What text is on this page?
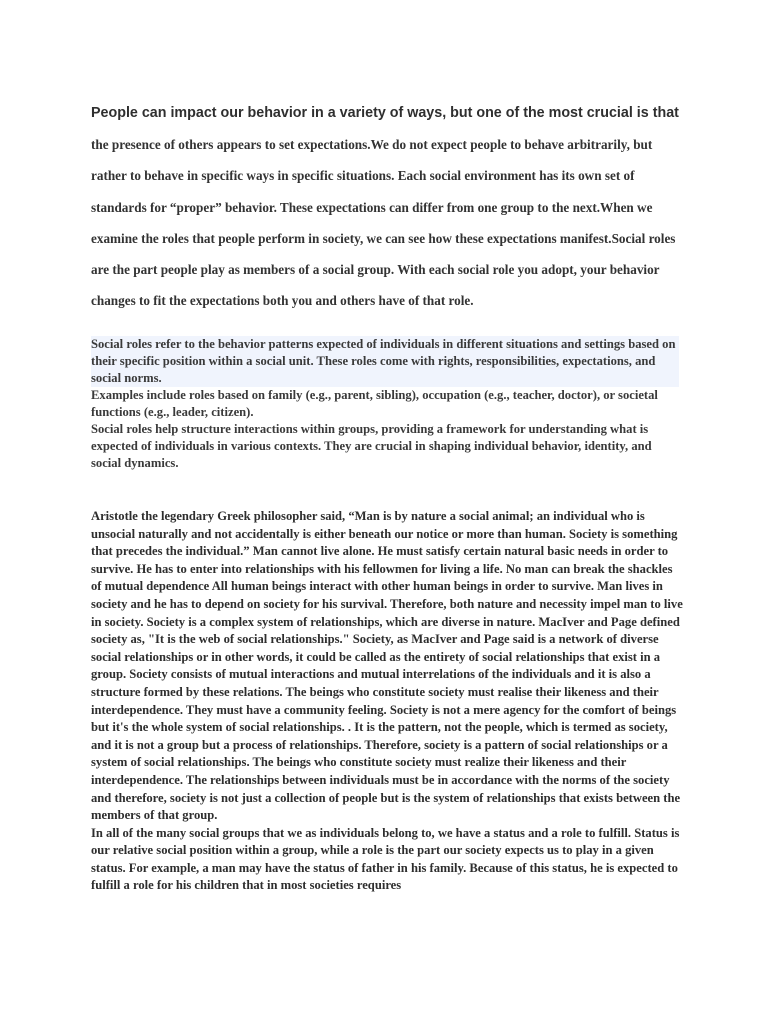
People can impact our behavior in a variety of ways, but one of the most crucial is that the presence of others appears to set expectations.We do not expect people to behave arbitrarily, but rather to behave in specific ways in specific situations. Each social environment has its own set of standards for “proper” behavior. These expectations can differ from one group to the next.When we examine the roles that people perform in society, we can see how these expectations manifest.Social roles are the part people play as members of a social group. With each social role you adopt, your behavior changes to fit the expectations both you and others have of that role.

Social roles refer to the behavior patterns expected of individuals in different situations and settings based on their specific position within a social unit. These roles come with rights, responsibilities, expectations, and social norms.

Examples include roles based on family (e.g., parent, sibling), occupation (e.g., teacher, doctor), or societal functions (e.g., leader, citizen).

Social roles help structure interactions within groups, providing a framework for understanding what is expected of individuals in various contexts. They are crucial in shaping individual behavior, identity, and social dynamics.

Aristotle the legendary Greek philosopher said, “Man is by nature a social animal; an individual who is unsocial naturally and not accidentally is either beneath our notice or more than human. Society is something that precedes the individual.” Man cannot live alone. He must satisfy certain natural basic needs in order to survive. He has to enter into relationships with his fellowmen for living a life. No man can break the shackles of mutual dependence All human beings interact with other human beings in order to survive. Man lives in society and he has to depend on society for his survival. Therefore, both nature and necessity impel man to live in society. Society is a complex system of relationships, which are diverse in nature. MacIver and Page defined society as, "It is the web of social relationships." Society, as MacIver and Page said is a network of diverse social relationships or in other words, it could be called as the entirety of social relationships that exist in a group. Society consists of mutual interactions and mutual interrelations of the individuals and it is also a structure formed by these relations. The beings who constitute society must realise their likeness and their interdependence. They must have a community feeling. Society is not a mere agency for the comfort of beings but it's the whole system of social relationships. . It is the pattern, not the people, which is termed as society, and it is not a group but a process of relationships. Therefore, society is a pattern of social relationships or a system of social relationships. The beings who constitute society must realize their likeness and their interdependence. The relationships between individuals must be in accordance with the norms of the society and therefore, society is not just a collection of people but is the system of relationships that exists between the members of that group.

In all of the many social groups that we as individuals belong to, we have a status and a role to fulfill. Status is our relative social position within a group, while a role is the part our society expects us to play in a given status. For example, a man may have the status of father in his family. Because of this status, he is expected to fulfill a role for his children that in most societies requires
